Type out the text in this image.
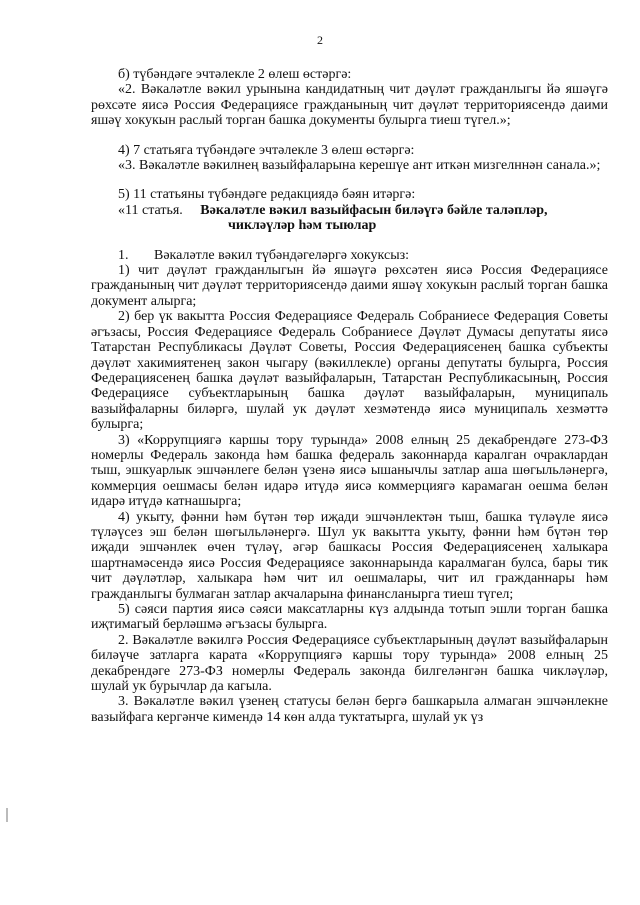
2

б) түбәндәге эчтәлекле 2 өлеш өстәргә:

«2. Вәкаләтле вәкил урынына кандидатның чит дәүләт гражданлыгы йә яшәүгә рөхсәте яисә Россия Федерациясе гражданының чит дәүләт территориясендә даими яшәү хокукын раслый торган башка документы булырга тиеш түгел.»;

4) 7 статьяга түбәндәге эчтәлекле 3 өлеш өстәргә:

«3. Вәкаләтле вәкилнең вазыйфаларына керешүе ант иткән мизгелннән санала.»;

5) 11 статьяны түбәндәге редакциядә бәян итәргә:

«11 статья. Вәкаләтле вәкил вазыйфасын биләүгә бәйле таләпләр,
чикләүләр һәм тыюлар

1. Вәкаләтле вәкил түбәндәгеләргә хокуксыз:

1) чит дәүләт гражданлыгын йә яшәүгә рөхсәтен яисә Россия Федерациясе гражданының чит дәүләт территориясендә даими яшәү хокукын раслый торган башка документ алырга;

2) бер үк вакытта Россия Федерациясе Федераль Собраниесе Федерация Советы әгъзасы, Россия Федерациясе Федераль Собраниесе Дәүләт Думасы депутаты яисә Татарстан Республикасы Дәүләт Советы, Россия Федерациясенең башка субъекты дәүләт хакимиятенең закон чыгару (вәкиллекле) органы депутаты булырга, Россия Федерациясенең башка дәүләт вазыйфаларын, Татарстан Республикасының, Россия Федерациясе субъектларының башка дәүләт вазыйфаларын, муниципаль вазыйфаларны биләргә, шулай ук дәүләт хезмәтендә яисә муниципаль хезмәттә булырга;

3) «Коррупциягә каршы тору турында» 2008 елның 25 декабрендәге 273-ФЗ номерлы Федераль законда һәм башка федераль законнарда каралган очраклардан тыш, эшкуарлык эшчәнлеге белән үзенә яисә ышанычлы затлар аша шөгыльләнергә, коммерция оешмасы белән идарә итүдә яисә коммерциягә карамаган оешма белән идарә итүдә катнашырга;

4) укыту, фәнни һәм бүтән төр иҗади эшчәнлектән тыш, башка түләүле яисә түләүсез эш белән шөгыльләнергә. Шул ук вакытта укыту, фәнни һәм бүтән төр иҗади эшчәнлек өчен түләү, әгәр башкасы Россия Федерациясенең халыкара шартнамәсендә яисә Россия Федерациясе законнарында каралмаган булса, бары тик чит дәүләтләр, халыкара һәм чит ил оешмалары, чит ил гражданнары һәм гражданлыгы булмаган затлар акчаларына финансланырга тиеш түгел;

5) сәяси партия яисә сәяси максатларны күз алдында тотып эшли торган башка иҗтимагый берләшмә әгъзасы булырга.

2. Вәкаләтле вәкилгә Россия Федерациясе субъектларының дәүләт вазыйфаларын биләүче затларга карата «Коррупциягә каршы тору турында» 2008 елның 25 декабрендәге 273-ФЗ номерлы Федераль законда билгеләнгән башка чикләүләр, шулай ук бурычлар да кагыла.

3. Вәкаләтле вәкил үзенең статусы белән бергә башкарыла алмаган эшчәнлекне вазыйфага кергәнче кимендә 14 көн алда туктатырга, шулай ук үз
